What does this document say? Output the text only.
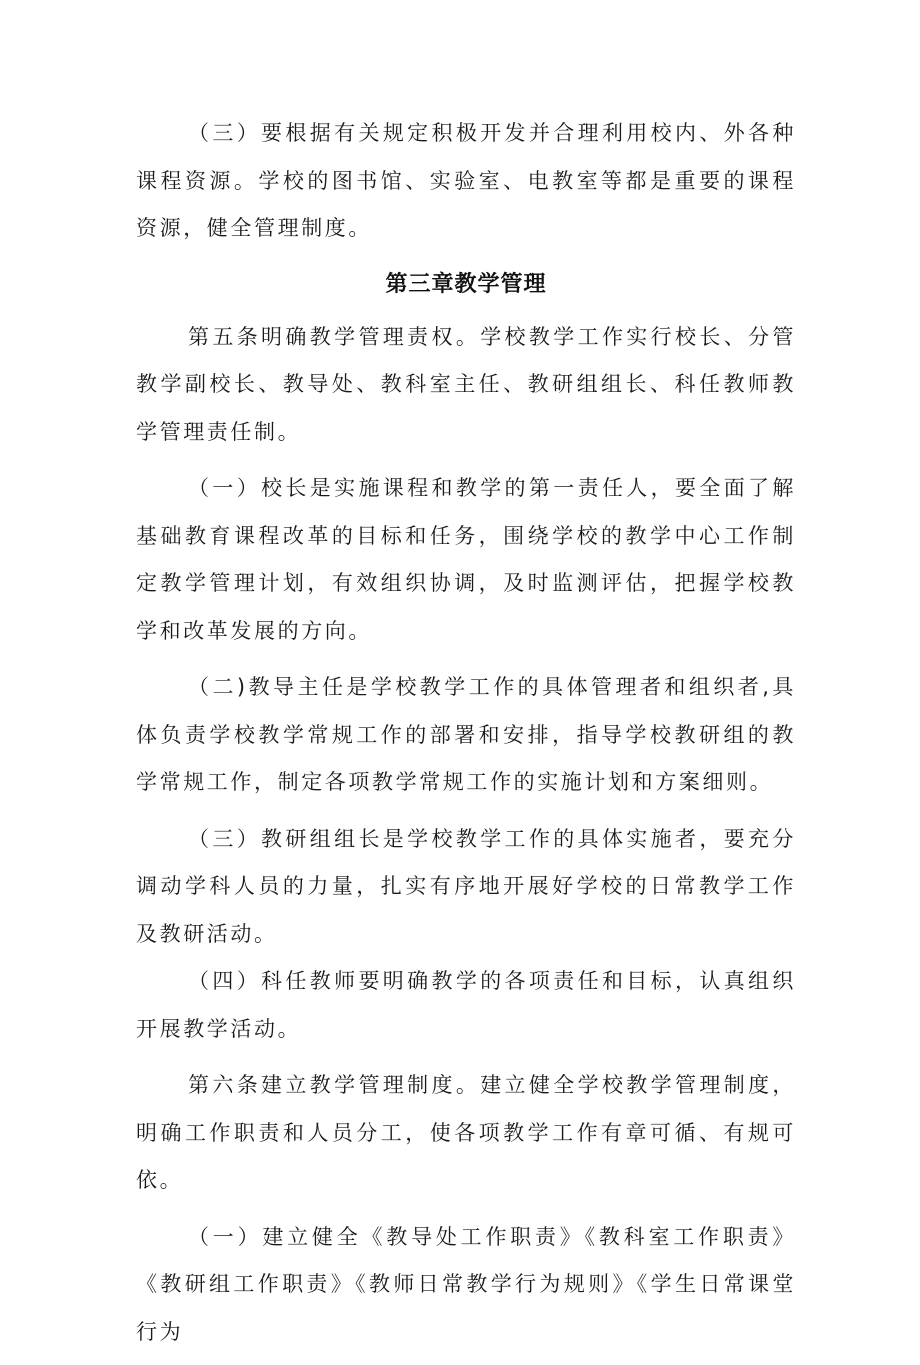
（三）要根据有关规定积极开发并合理利用校内、外各种课程资源。学校的图书馆、实验室、电教室等都是重要的课程资源，健全管理制度。

第三章教学管理

第五条明确教学管理责权。学校教学工作实行校长、分管教学副校长、教导处、教科室主任、教研组组长、科任教师教学管理责任制。

（一）校长是实施课程和教学的第一责任人，要全面了解基础教育课程改革的目标和任务，围绕学校的教学中心工作制定教学管理计划，有效组织协调，及时监测评估，把握学校教学和改革发展的方向。

（二)教导主任是学校教学工作的具体管理者和组织者,具体负责学校教学常规工作的部署和安排，指导学校教研组的教学常规工作，制定各项教学常规工作的实施计划和方案细则。

（三）教研组组长是学校教学工作的具体实施者，要充分调动学科人员的力量，扎实有序地开展好学校的日常教学工作及教研活动。

（四）科任教师要明确教学的各项责任和目标，认真组织开展教学活动。

第六条建立教学管理制度。建立健全学校教学管理制度，明确工作职责和人员分工，使各项教学工作有章可循、有规可依。

（一）建立健全《教导处工作职责》《教科室工作职责》《教研组工作职责》《教师日常教学行为规则》《学生日常课堂行为
